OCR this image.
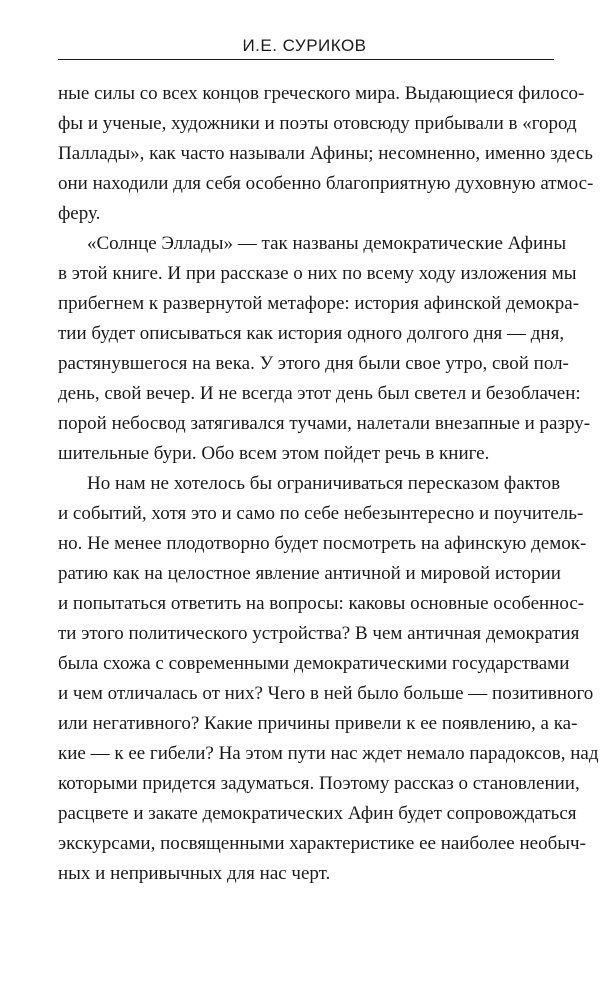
И.Е. СУРИКОВ
ные силы со всех концов греческого мира. Выдающиеся филосо-
фы и ученые, художники и поэты отовсюду прибывали в «город
Паллады», как часто называли Афины; несомненно, именно здесь
они находили для себя особенно благоприятную духовную атмос-
феру.
«Солнце Эллады» — так названы демократические Афины
в этой книге. И при рассказе о них по всему ходу изложения мы
прибегнем к развернутой метафоре: история афинской демокра-
тии будет описываться как история одного долгого дня — дня,
растянувшегося на века. У этого дня были свое утро, свой пол-
день, свой вечер. И не всегда этот день был светел и безоблачен:
порой небосвод затягивался тучами, налетали внезапные и разру-
шительные бури. Обо всем этом пойдет речь в книге.
Но нам не хотелось бы ограничиваться пересказом фактов
и событий, хотя это и само по себе небезынтересно и поучитель-
но. Не менее плодотворно будет посмотреть на афинскую демок-
ратию как на целостное явление античной и мировой истории
и попытаться ответить на вопросы: каковы основные особеннос-
ти этого политического устройства? В чем античная демократия
была схожа с современными демократическими государствами
и чем отличалась от них? Чего в ней было больше — позитивного
или негативного? Какие причины привели к ее появлению, а ка-
кие — к ее гибели? На этом пути нас ждет немало парадоксов, над
которыми придется задуматься. Поэтому рассказ о становлении,
расцвете и закате демократических Афин будет сопровождаться
экскурсами, посвященными характеристике ее наиболее необыч-
ных и непривычных для нас черт.
